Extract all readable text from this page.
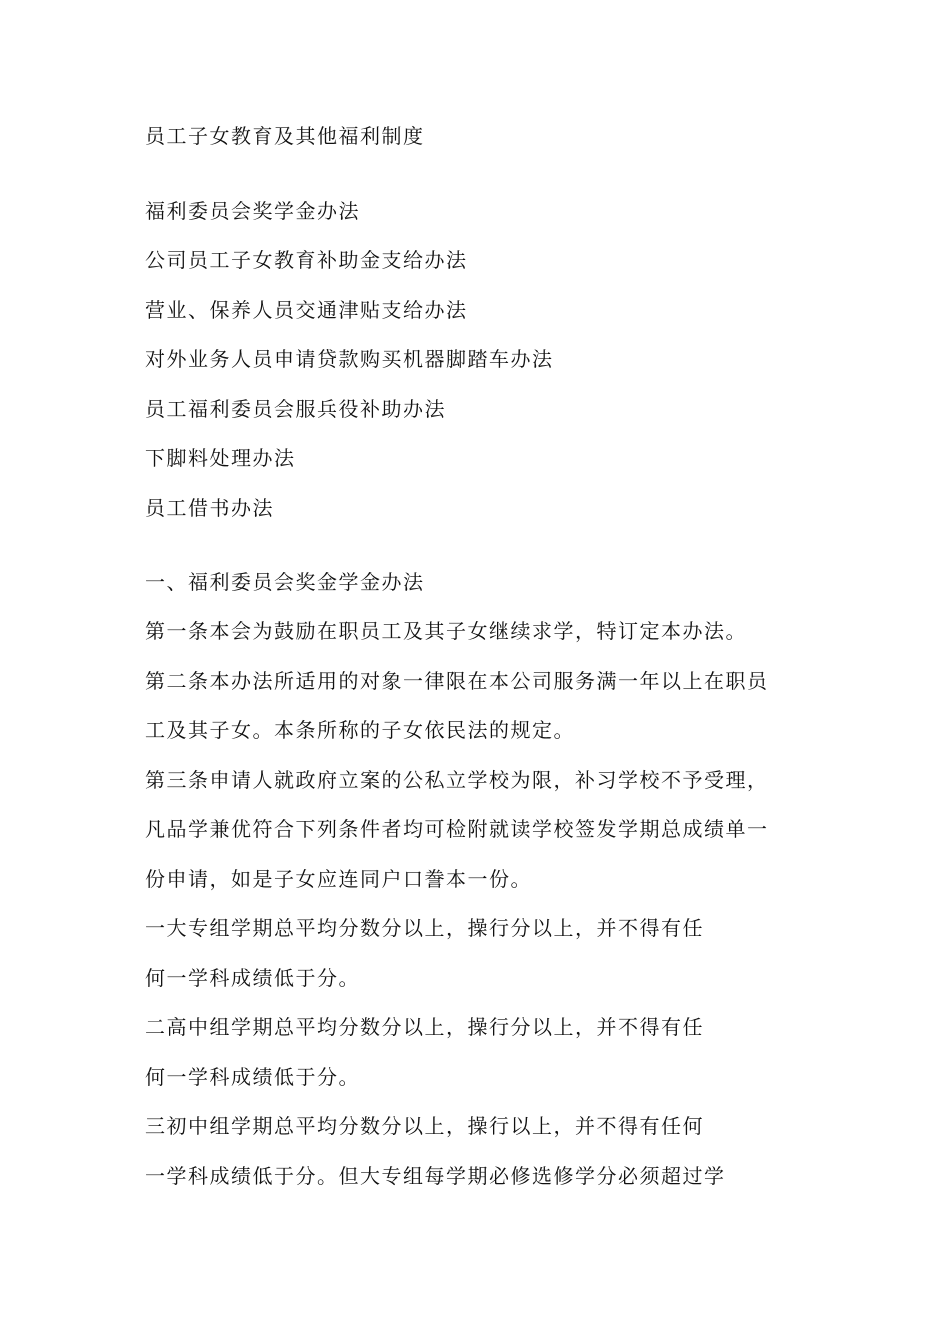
员工子女教育及其他福利制度
福利委员会奖学金办法
公司员工子女教育补助金支给办法
营业、保养人员交通津贴支给办法
对外业务人员申请贷款购买机器脚踏车办法
员工福利委员会服兵役补助办法
下脚料处理办法
员工借书办法
一、福利委员会奖金学金办法
第一条本会为鼓励在职员工及其子女继续求学，特订定本办法。
第二条本办法所适用的对象一律限在本公司服务满一年以上在职员
工及其子女。本条所称的子女依民法的规定。
第三条申请人就政府立案的公私立学校为限，补习学校不予受理，
凡品学兼优符合下列条件者均可检附就读学校签发学期总成绩单一
份申请，如是子女应连同户口誊本一份。
一大专组学期总平均分数分以上，操行分以上，并不得有任
何一学科成绩低于分。
二高中组学期总平均分数分以上，操行分以上，并不得有任
何一学科成绩低于分。
三初中组学期总平均分数分以上，操行以上，并不得有任何
一学科成绩低于分。但大专组每学期必修选修学分必须超过学
